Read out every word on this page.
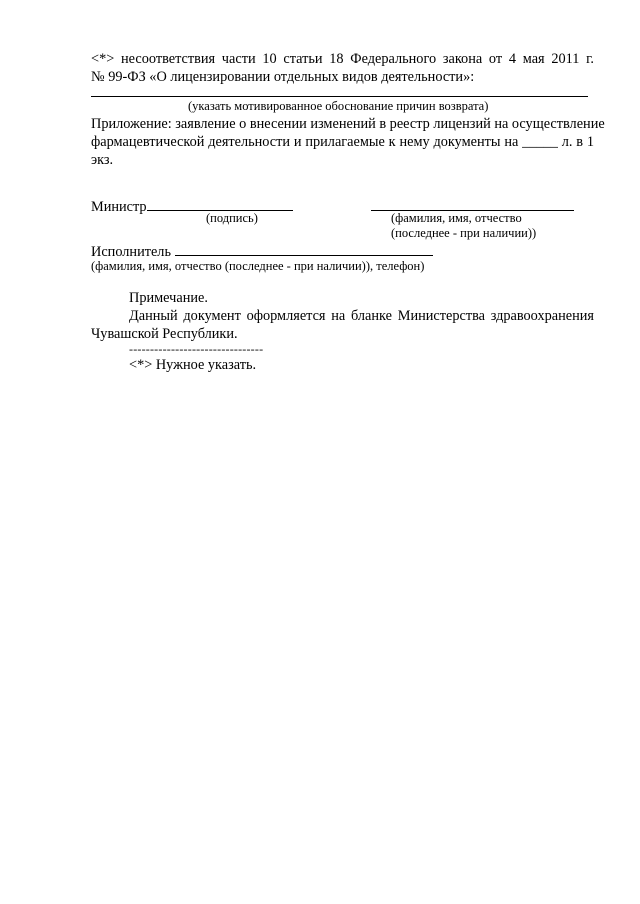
<*> несоответствия части 10 статьи 18 Федерального закона от 4 мая 2011 г.
№ 99-ФЗ «О лицензировании отдельных видов деятельности»:
(указать мотивированное обоснование причин возврата)
Приложение: заявление о внесении изменений в реестр лицензий на осуществление
фармацевтической деятельности и прилагаемые к нему документы на _____ л. в 1
экз.
Министр
(подпись)	(фамилия, имя, отчество
(последнее - при наличии))
Исполнитель
(фамилия, имя, отчество (последнее - при наличии)), телефон)
Примечание.
Данный документ оформляется на бланке Министерства здравоохранения
Чувашской Республики.
--------------------------------
<*> Нужное указать.
